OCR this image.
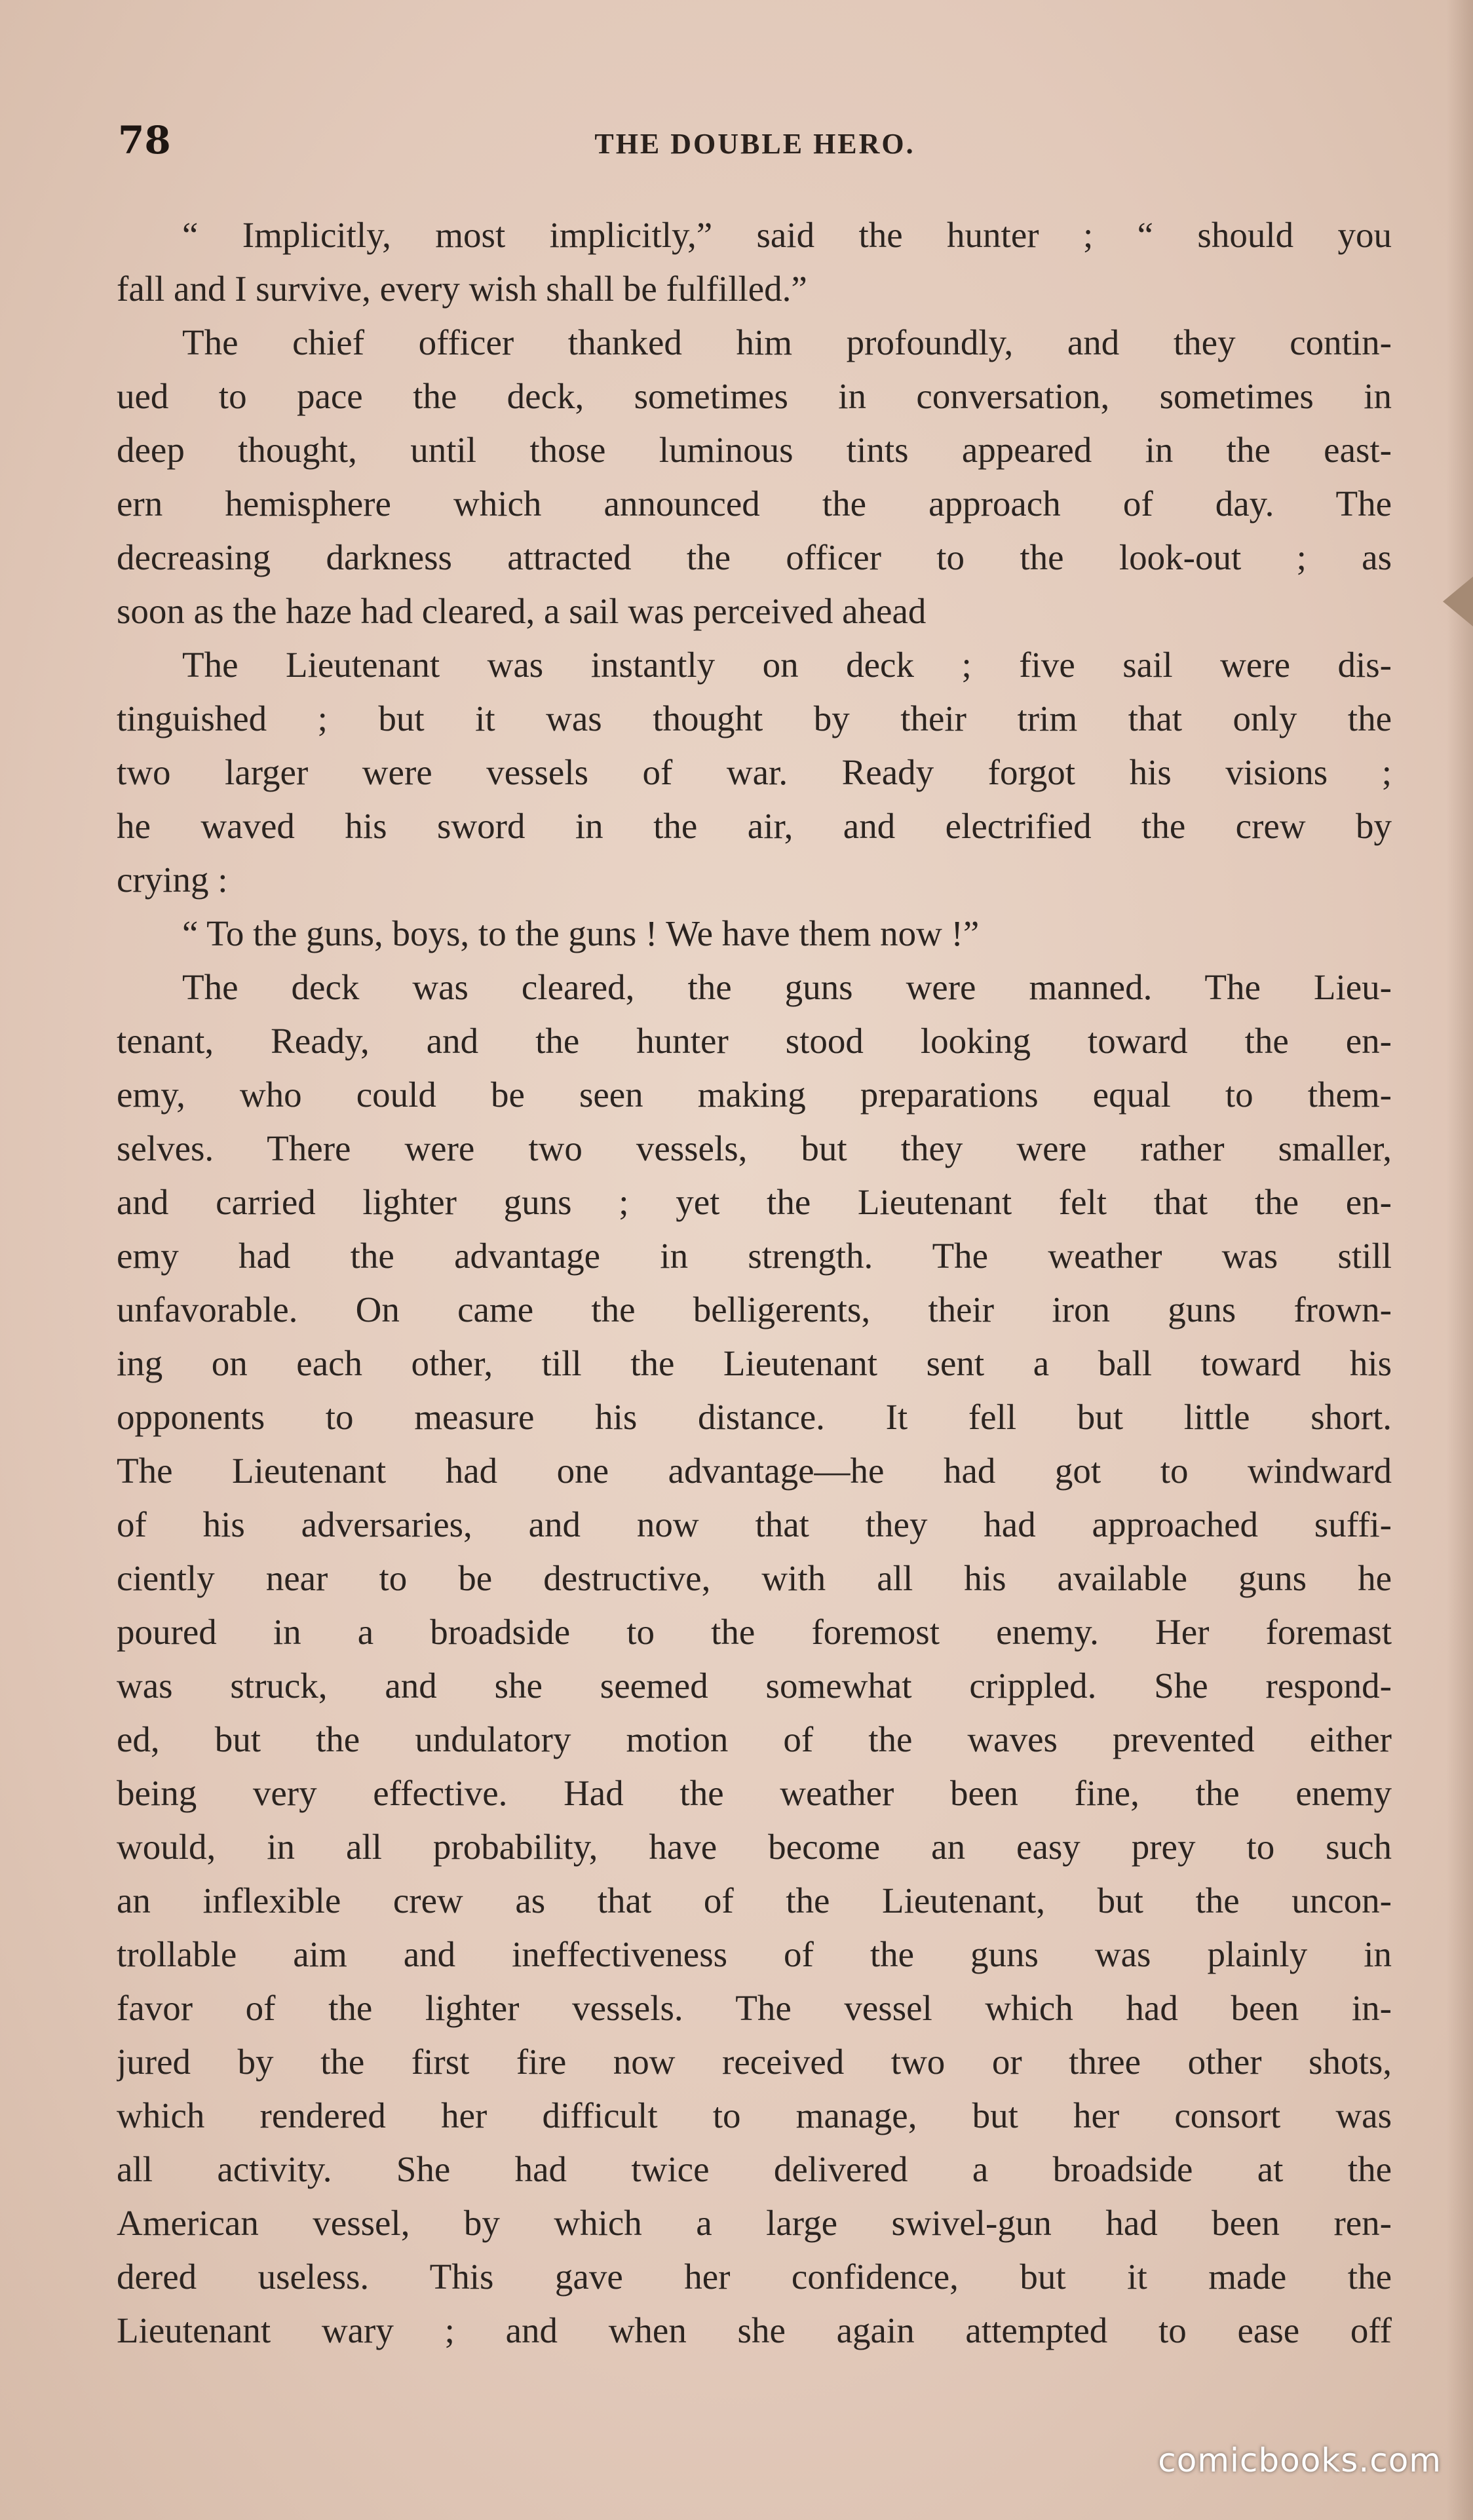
78	THE DOUBLE HERO.
“ Implicitly, most implicitly,” said the hunter ; “ should you
fall and I survive, every wish shall be fulfilled.”
The chief officer thanked him profoundly, and they contin-
ued to pace the deck, sometimes in conversation, sometimes in
deep thought, until those luminous tints appeared in the east-
ern hemisphere which announced the approach of day. The
decreasing darkness attracted the officer to the look-out ; as
soon as the haze had cleared, a sail was perceived ahead
The Lieutenant was instantly on deck ; five sail were dis-
tinguished ; but it was thought by their trim that only the
two larger were vessels of war. Ready forgot his visions ;
he waved his sword in the air, and electrified the crew by
crying :
“ To the guns, boys, to the guns ! We have them now !”
The deck was cleared, the guns were manned. The Lieu-
tenant, Ready, and the hunter stood looking toward the en-
emy, who could be seen making preparations equal to them-
selves. There were two vessels, but they were rather smaller,
and carried lighter guns ; yet the Lieutenant felt that the en-
emy had the advantage in strength. The weather was still
unfavorable. On came the belligerents, their iron guns frown-
ing on each other, till the Lieutenant sent a ball toward his
opponents to measure his distance. It fell but little short.
The Lieutenant had one advantage—he had got to windward
of his adversaries, and now that they had approached suffi-
ciently near to be destructive, with all his available guns he
poured in a broadside to the foremost enemy. Her foremast
was struck, and she seemed somewhat crippled. She respond-
ed, but the undulatory motion of the waves prevented either
being very effective. Had the weather been fine, the enemy
would, in all probability, have become an easy prey to such
an inflexible crew as that of the Lieutenant, but the uncon-
trollable aim and ineffectiveness of the guns was plainly in
favor of the lighter vessels. The vessel which had been in-
jured by the first fire now received two or three other shots,
which rendered her difficult to manage, but her consort was
all activity. She had twice delivered a broadside at the
American vessel, by which a large swivel-gun had been ren-
dered useless. This gave her confidence, but it made the
Lieutenant wary ; and when she again attempted to ease off
comicbooks.com
